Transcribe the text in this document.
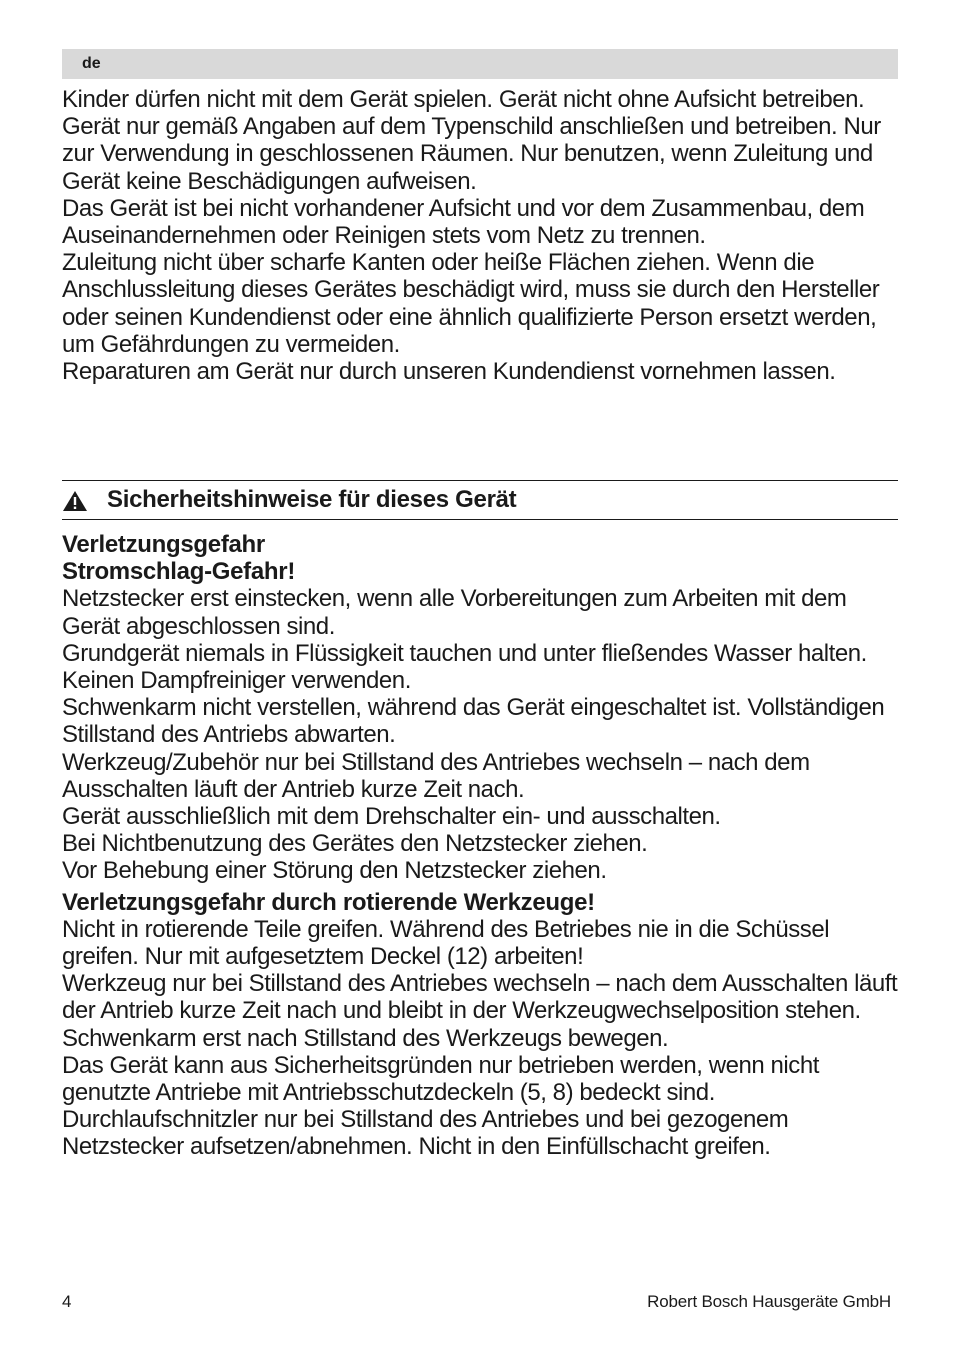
de

Kinder dürfen nicht mit dem Gerät spielen. Gerät nicht ohne Aufsicht betreiben.

Gerät nur gemäß Angaben auf dem Typenschild anschließen und betreiben. Nur zur Verwendung in geschlossenen Räumen. Nur benutzen, wenn Zuleitung und Gerät keine Beschädigungen aufweisen.

Das Gerät ist bei nicht vorhandener Aufsicht und vor dem Zusammenbau, dem Auseinandernehmen oder Reinigen stets vom Netz zu trennen.

Zuleitung nicht über scharfe Kanten oder heiße Flächen ziehen. Wenn die Anschlussleitung dieses Gerätes beschädigt wird, muss sie durch den Hersteller oder seinen Kundendienst oder eine ähnlich qualifizierte Person ersetzt werden, um Gefährdungen zu vermeiden.

Reparaturen am Gerät nur durch unseren Kundendienst vornehmen lassen.

Sicherheitshinweise für dieses Gerät
Verletzungsgefahr
Stromschlag-Gefahr!

Netzstecker erst einstecken, wenn alle Vorbereitungen zum Arbeiten mit dem Gerät abgeschlossen sind.

Grundgerät niemals in Flüssigkeit tauchen und unter fließendes Wasser halten.

Keinen Dampfreiniger verwenden.

Schwenkarm nicht verstellen, während das Gerät eingeschaltet ist. Vollständigen Stillstand des Antriebs abwarten.

Werkzeug/Zubehör nur bei Stillstand des Antriebes wechseln – nach dem Ausschalten läuft der Antrieb kurze Zeit nach.

Gerät ausschließlich mit dem Drehschalter ein- und ausschalten.

Bei Nichtbenutzung des Gerätes den Netzstecker ziehen.

Vor Behebung einer Störung den Netzstecker ziehen.

Verletzungsgefahr durch rotierende Werkzeuge!

Nicht in rotierende Teile greifen. Während des Betriebes nie in die Schüssel greifen. Nur mit aufgesetztem Deckel (12) arbeiten!

Werkzeug nur bei Stillstand des Antriebes wechseln – nach dem Ausschalten läuft der Antrieb kurze Zeit nach und bleibt in der Werkzeugwechselposition stehen. Schwenkarm erst nach Stillstand des Werkzeugs bewegen.

Das Gerät kann aus Sicherheitsgründen nur betrieben werden, wenn nicht genutzte Antriebe mit Antriebsschutzdeckeln (5, 8) bedeckt sind.

Durchlaufschnitzler nur bei Stillstand des Antriebes und bei gezogenem Netzstecker aufsetzen/abnehmen. Nicht in den Einfüllschacht greifen.

4	Robert Bosch Hausgeräte GmbH
